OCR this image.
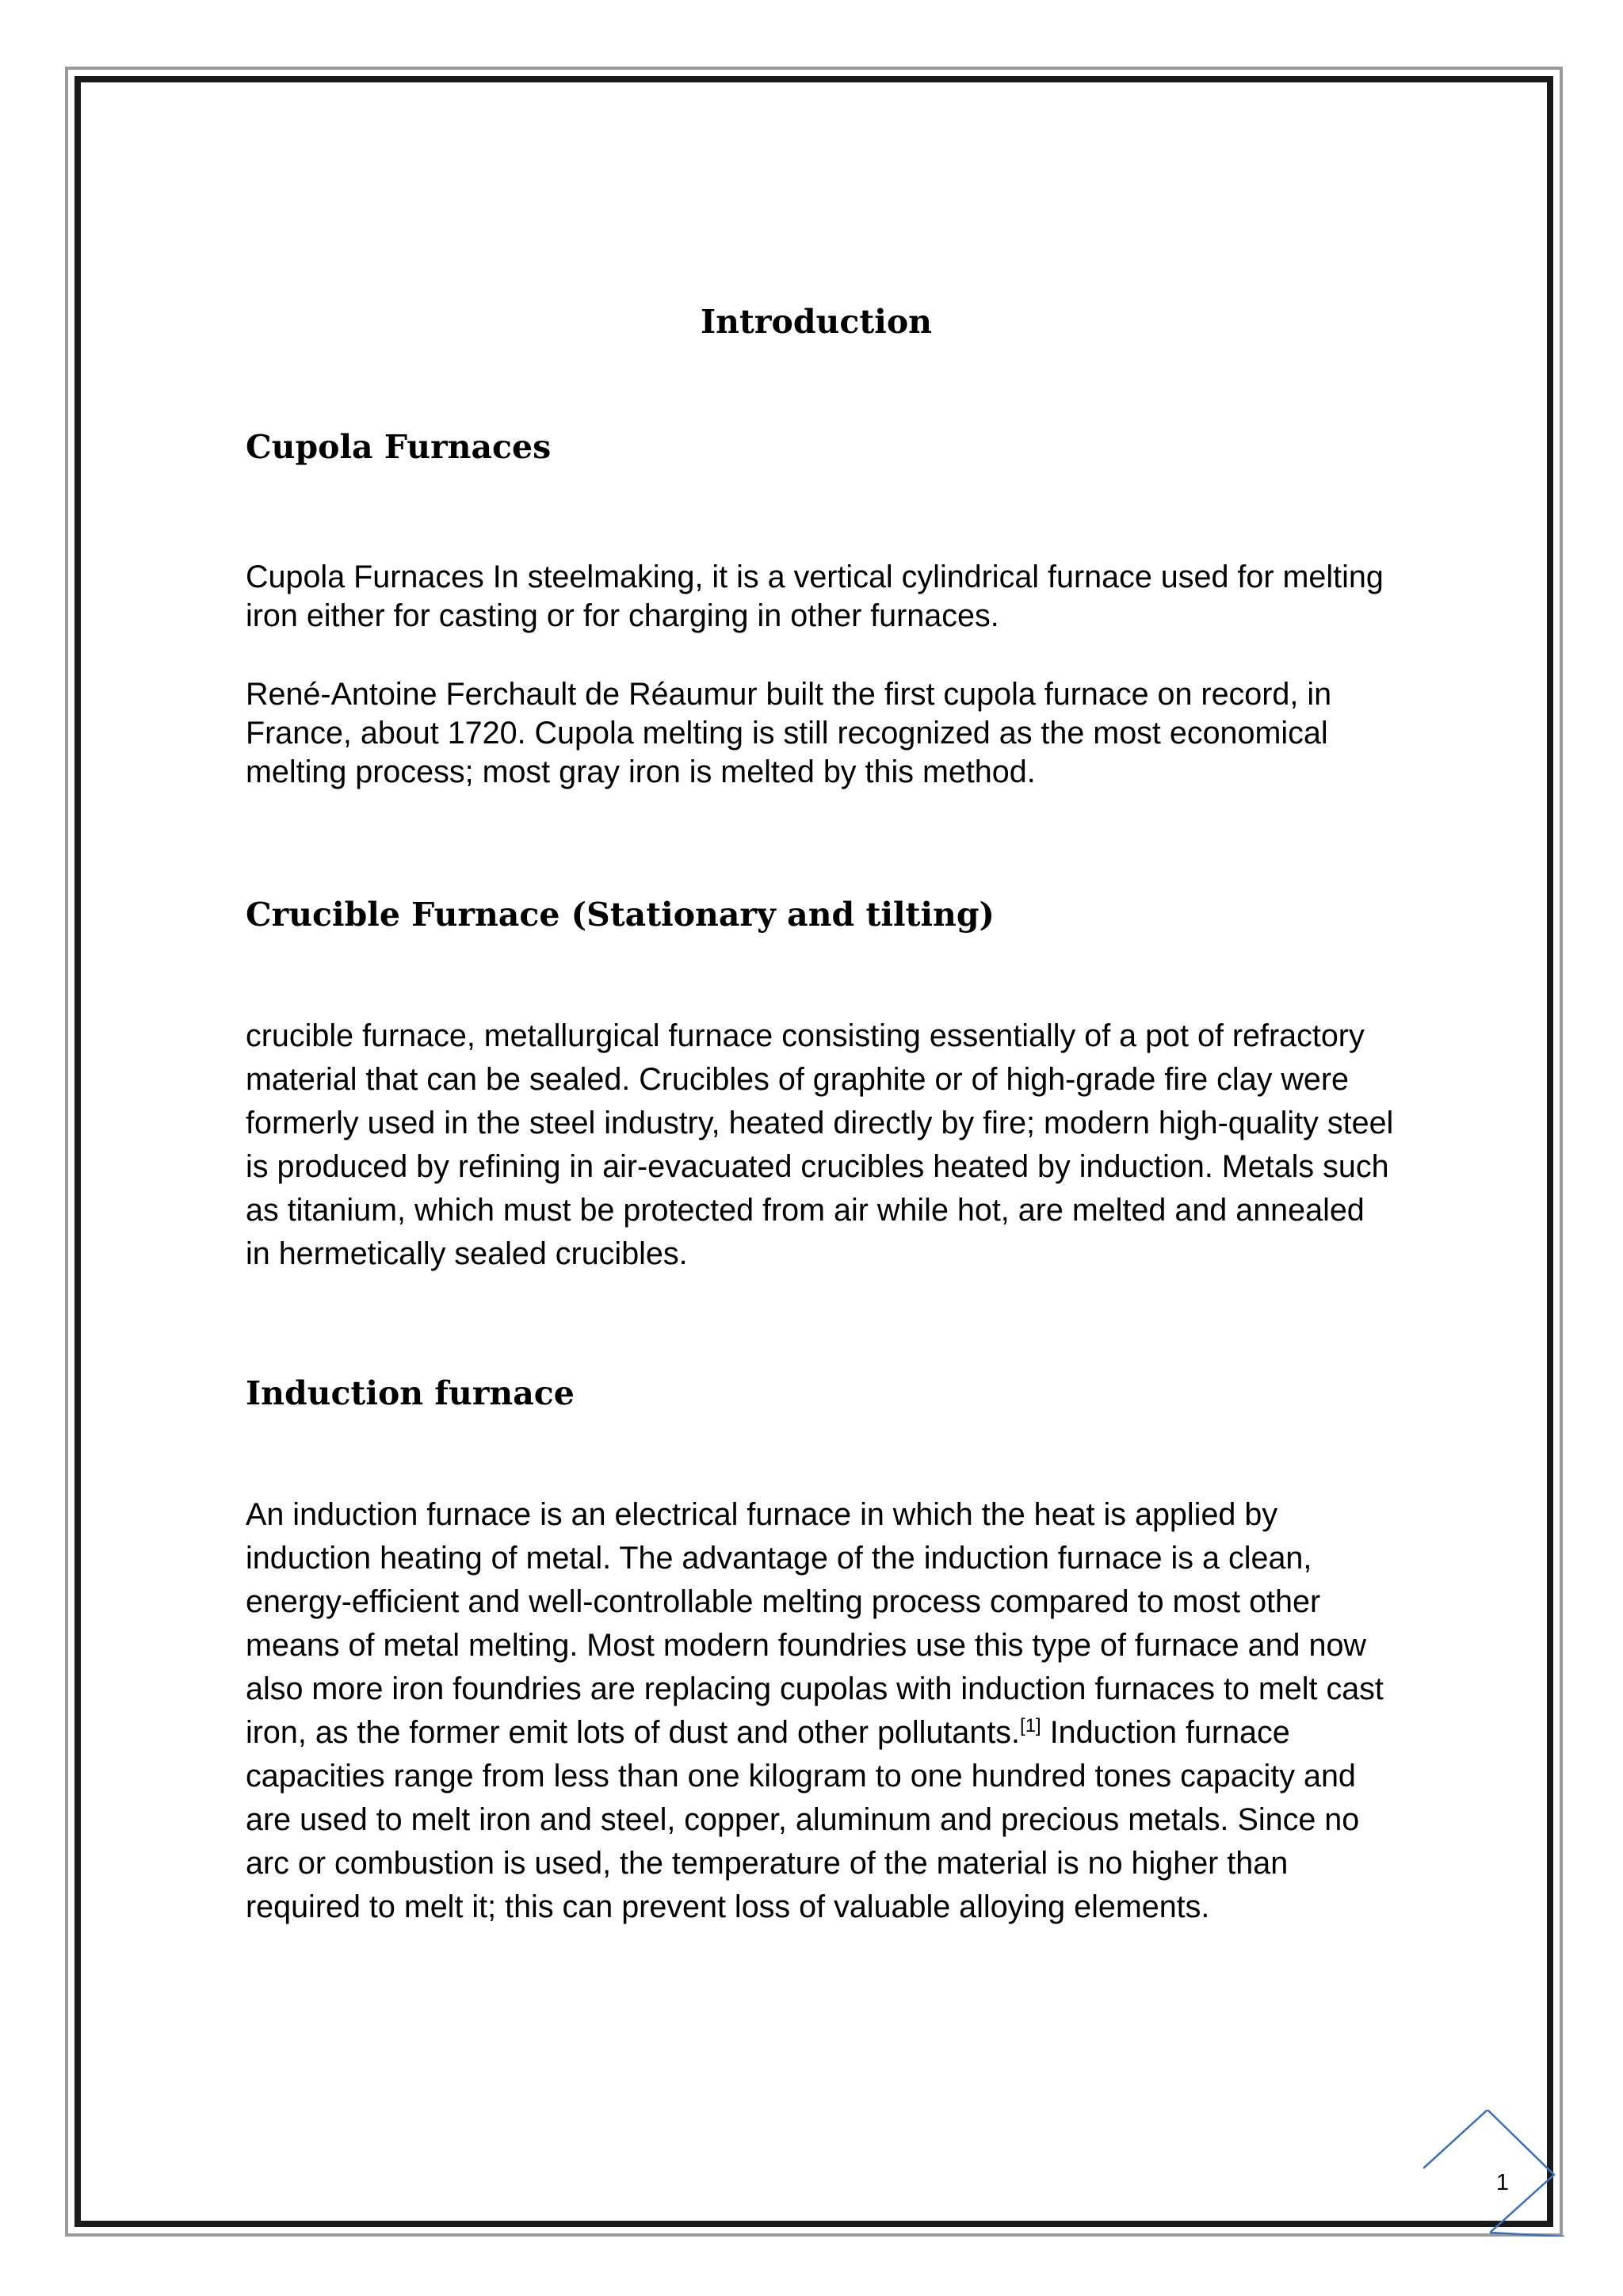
Introduction
Cupola Furnaces

Cupola Furnaces In steelmaking, it is a vertical cylindrical furnace used for melting iron either for casting or for charging in other furnaces.

René-Antoine Ferchault de Réaumur built the first cupola furnace on record, in France, about 1720. Cupola melting is still recognized as the most economical melting process; most gray iron is melted by this method.

Crucible Furnace (Stationary and tilting)

crucible furnace, metallurgical furnace consisting essentially of a pot of refractory material that can be sealed. Crucibles of graphite or of high-grade fire clay were formerly used in the steel industry, heated directly by fire; modern high-quality steel is produced by refining in air-evacuated crucibles heated by induction. Metals such as titanium, which must be protected from air while hot, are melted and annealed in hermetically sealed crucibles.

Induction furnace

An induction furnace is an electrical furnace in which the heat is applied by induction heating of metal. The advantage of the induction furnace is a clean, energy-efficient and well-controllable melting process compared to most other means of metal melting. Most modern foundries use this type of furnace and now also more iron foundries are replacing cupolas with induction furnaces to melt cast iron, as the former emit lots of dust and other pollutants.[1] Induction furnace capacities range from less than one kilogram to one hundred tones capacity and are used to melt iron and steel, copper, aluminum and precious metals. Since no arc or combustion is used, the temperature of the material is no higher than required to melt it; this can prevent loss of valuable alloying elements.

1
